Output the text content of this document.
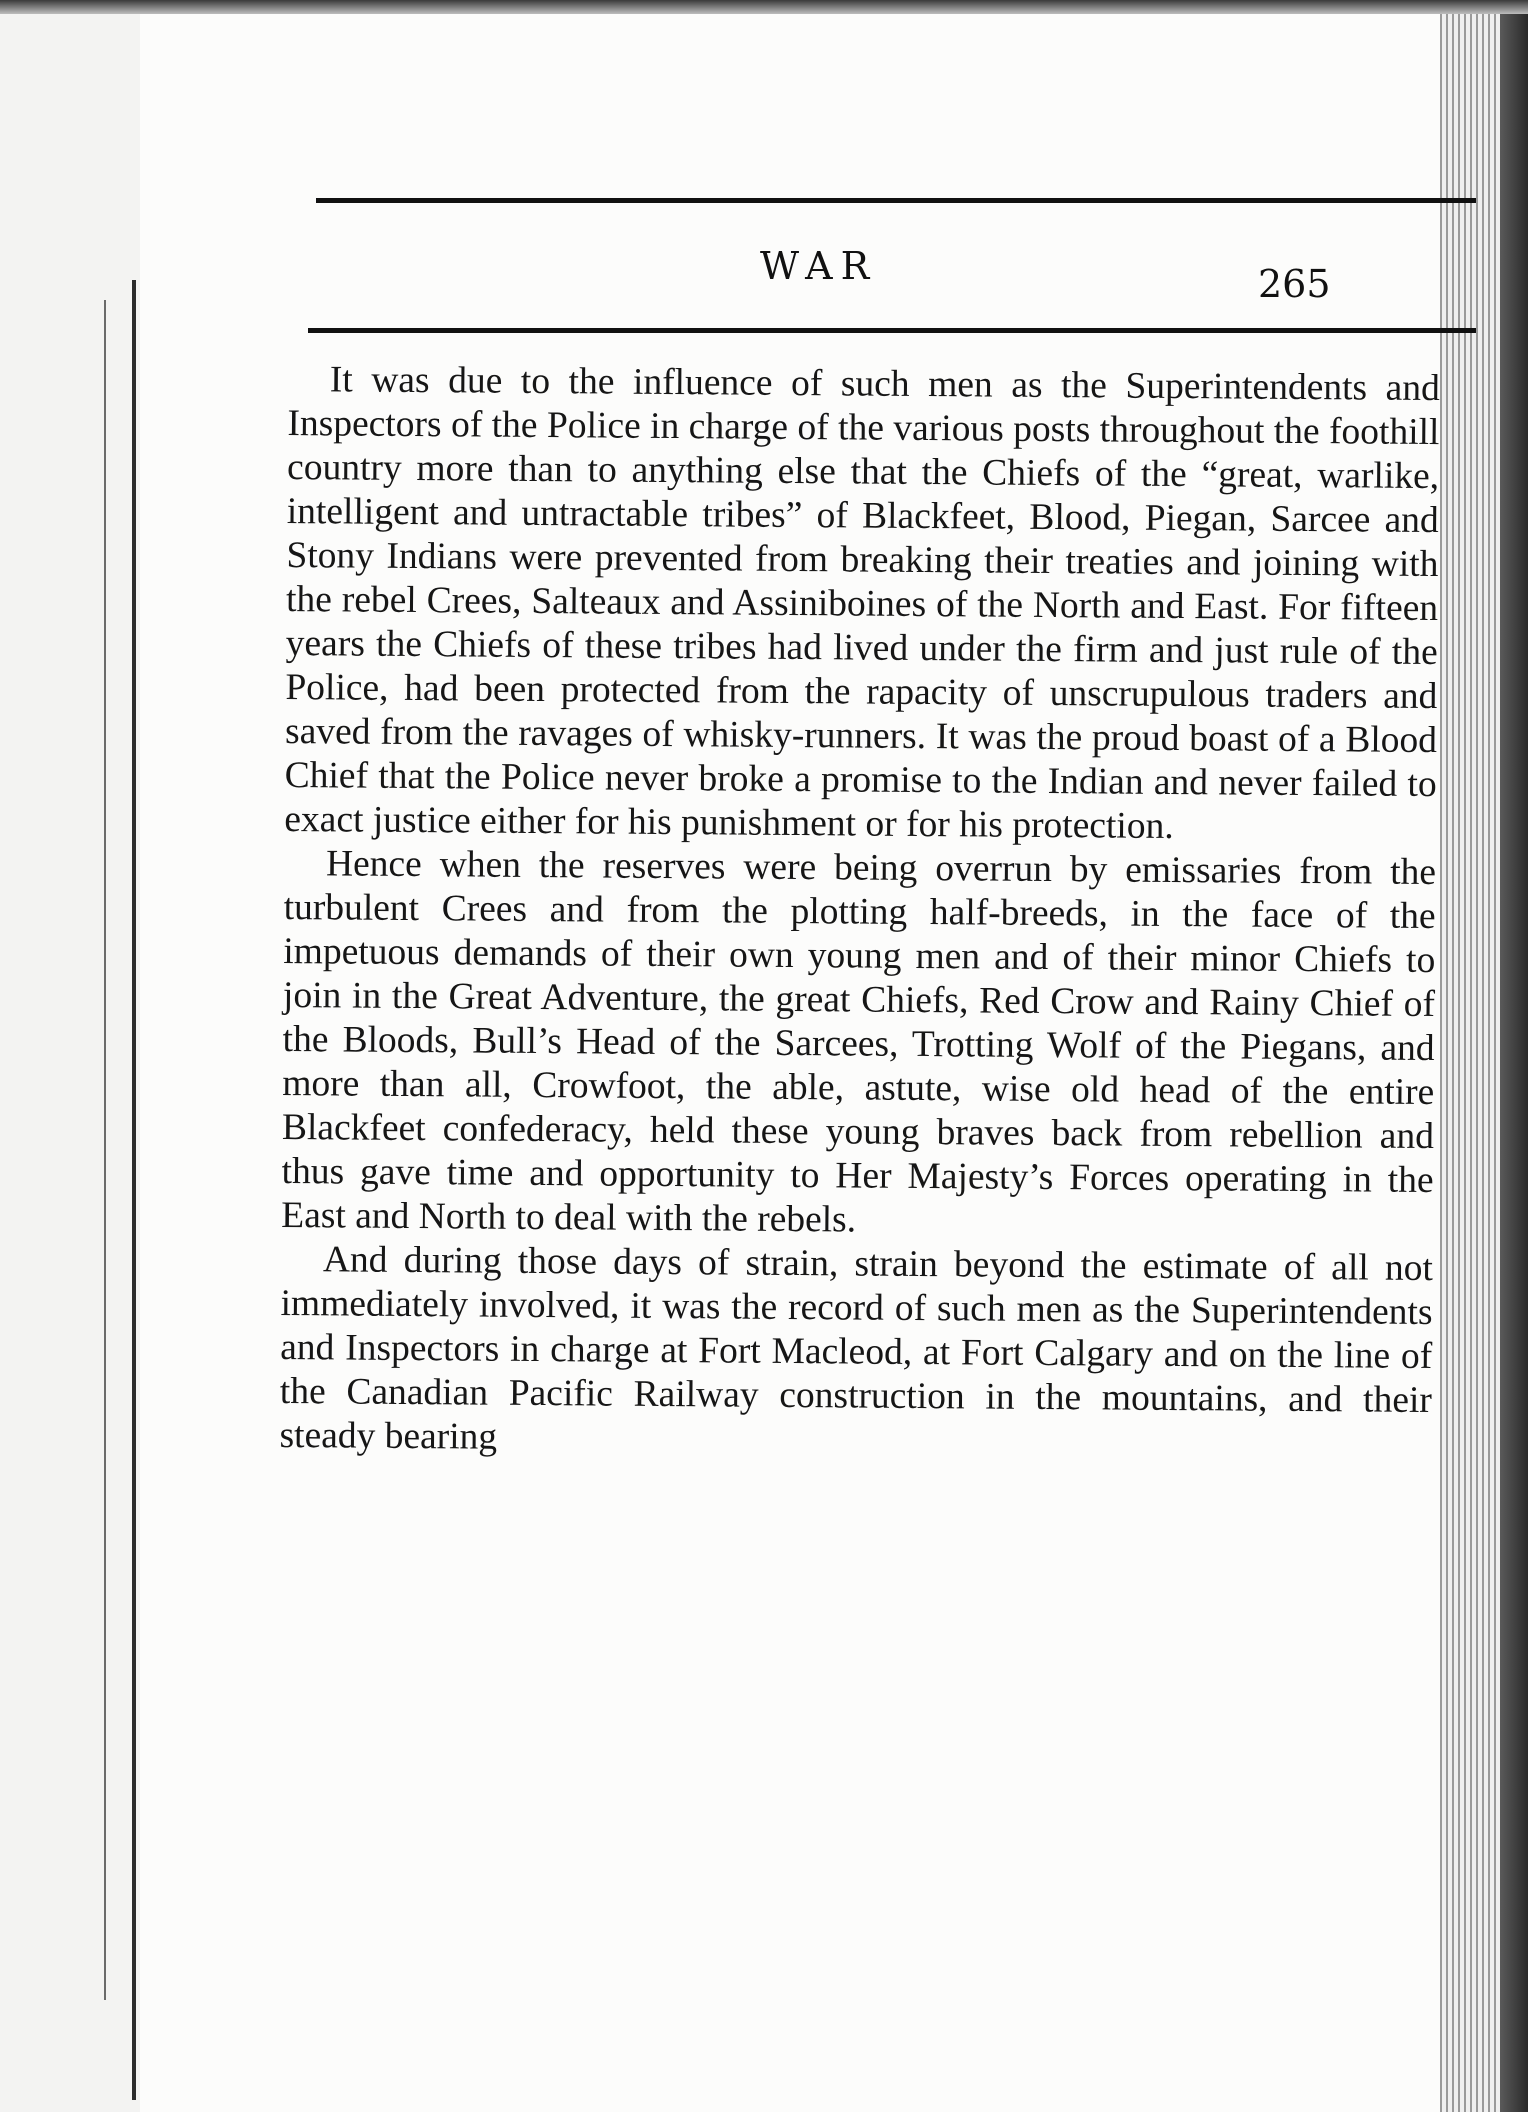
WAR	265

It was due to the influence of such men as the Superintendents and Inspectors of the Police in charge of the various posts throughout the foothill country more than to anything else that the Chiefs of the “great, warlike, intelligent and untractable tribes” of Blackfeet, Blood, Piegan, Sarcee and Stony Indians were prevented from breaking their treaties and joining with the rebel Crees, Salteaux and Assiniboines of the North and East. For fifteen years the Chiefs of these tribes had lived under the firm and just rule of the Police, had been protected from the rapacity of unscrupulous traders and saved from the ravages of whisky-runners. It was the proud boast of a Blood Chief that the Police never broke a promise to the Indian and never failed to exact justice either for his punishment or for his protection.

Hence when the reserves were being overrun by emissaries from the turbulent Crees and from the plotting half-breeds, in the face of the impetuous demands of their own young men and of their minor Chiefs to join in the Great Adventure, the great Chiefs, Red Crow and Rainy Chief of the Bloods, Bull’s Head of the Sarcees, Trotting Wolf of the Piegans, and more than all, Crowfoot, the able, astute, wise old head of the entire Blackfeet confederacy, held these young braves back from rebellion and thus gave time and opportunity to Her Majesty’s Forces operating in the East and North to deal with the rebels.

And during those days of strain, strain beyond the estimate of all not immediately involved, it was the record of such men as the Superintendents and Inspectors in charge at Fort Macleod, at Fort Calgary and on the line of the Canadian Pacific Railway construction in the mountains, and their steady bearing
